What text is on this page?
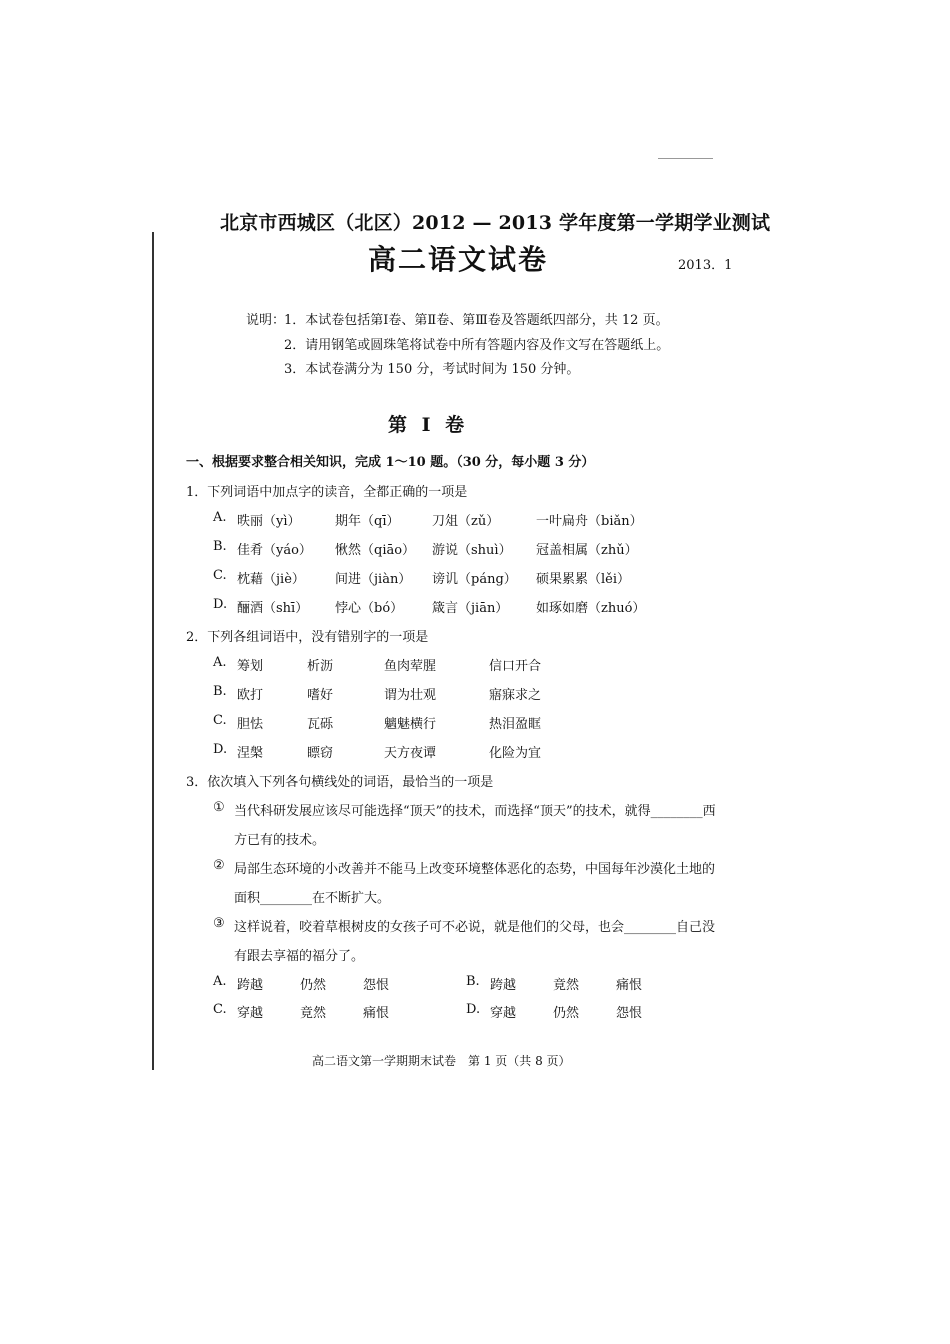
北京市西城区（北区）2012 — 2013 学年度第一学期学业测试
高二语文试卷	2013．1
说明：
1．本试卷包括第Ⅰ卷、第Ⅱ卷、第Ⅲ卷及答题纸四部分，共 12 页。
2．请用钢笔或圆珠笔将试卷中所有答题内容及作文写在答题纸上。
3．本试卷满分为 150 分，考试时间为 150 分钟。
第 Ⅰ 卷
一、根据要求整合相关知识，完成 1～10 题。（30 分，每小题 3 分）
1．下列词语中加点字的读音，全都正确的一项是
A. 昳丽（yì）	期年（qī）	刀俎（zǔ）	一叶扁舟（biǎn）
B. 佳肴（yáo） 愀然（qiāo） 游说（shuì） 冠盖相属（zhǔ）
C. 枕藉（jiè） 间进（jiàn） 谤讥（páng） 硕果累累（lěi）
D. 酾酒（shī） 悖心（bó） 箴言（jiān） 如琢如磨（zhuó）
2．下列各组词语中，没有错别字的一项是
A. 筹划	析沥	鱼肉荤腥	信口开合
B. 欧打	嗜好	谓为壮观	寤寐求之
C. 胆怯	瓦砾	魑魅横行	热泪盈眶
D. 涅槃	瞟窃	天方夜谭	化险为宜
3．依次填入下列各句横线处的词语，最恰当的一项是
① 当代科研发展应该尽可能选择“顶天”的技术，而选择“顶天”的技术，就得________西
方已有的技术。
② 局部生态环境的小改善并不能马上改变环境整体恶化的态势，中国每年沙漠化土地的
面积________在不断扩大。
③ 这样说着，咬着草根树皮的女孩子可不必说，就是他们的父母，也会________自己没
有跟去享福的福分了。
A. 跨越	仍然	怨恨	B. 跨越	竟然	痛恨
C. 穿越	竟然	痛恨	D. 穿越	仍然	怨恨
高二语文第一学期期末试卷　第 1 页（共 8 页）
